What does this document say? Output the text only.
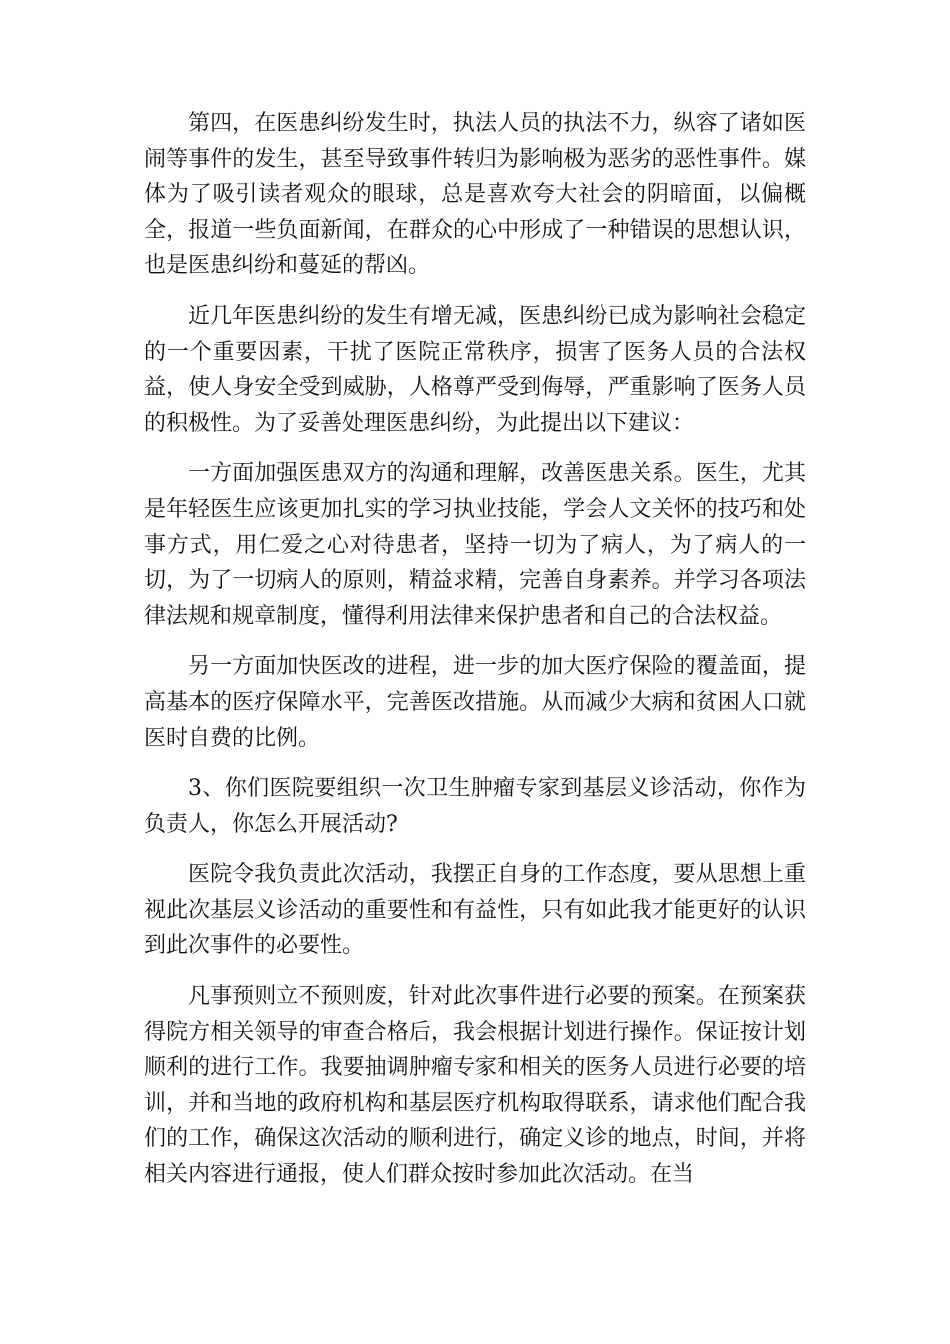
第四，在医患纠纷发生时，执法人员的执法不力，纵容了诸如医闹等事件的发生，甚至导致事件转归为影响极为恶劣的恶性事件。媒体为了吸引读者观众的眼球，总是喜欢夸大社会的阴暗面，以偏概全，报道一些负面新闻，在群众的心中形成了一种错误的思想认识，也是医患纠纷和蔓延的帮凶。

近几年医患纠纷的发生有增无减，医患纠纷已成为影响社会稳定的一个重要因素，干扰了医院正常秩序，损害了医务人员的合法权益，使人身安全受到威胁，人格尊严受到侮辱，严重影响了医务人员的积极性。为了妥善处理医患纠纷，为此提出以下建议：

一方面加强医患双方的沟通和理解，改善医患关系。医生，尤其是年轻医生应该更加扎实的学习执业技能，学会人文关怀的技巧和处事方式，用仁爱之心对待患者，坚持一切为了病人，为了病人的一切，为了一切病人的原则，精益求精，完善自身素养。并学习各项法律法规和规章制度，懂得利用法律来保护患者和自己的合法权益。

另一方面加快医改的进程，进一步的加大医疗保险的覆盖面，提高基本的医疗保障水平，完善医改措施。从而减少大病和贫困人口就医时自费的比例。

3、你们医院要组织一次卫生肿瘤专家到基层义诊活动，你作为负责人，你怎么开展活动?

医院令我负责此次活动，我摆正自身的工作态度，要从思想上重视此次基层义诊活动的重要性和有益性，只有如此我才能更好的认识到此次事件的必要性。

凡事预则立不预则废，针对此次事件进行必要的预案。在预案获得院方相关领导的审查合格后，我会根据计划进行操作。保证按计划顺利的进行工作。我要抽调肿瘤专家和相关的医务人员进行必要的培训，并和当地的政府机构和基层医疗机构取得联系，请求他们配合我们的工作，确保这次活动的顺利进行，确定义诊的地点，时间，并将相关内容进行通报，使人们群众按时参加此次活动。在当
